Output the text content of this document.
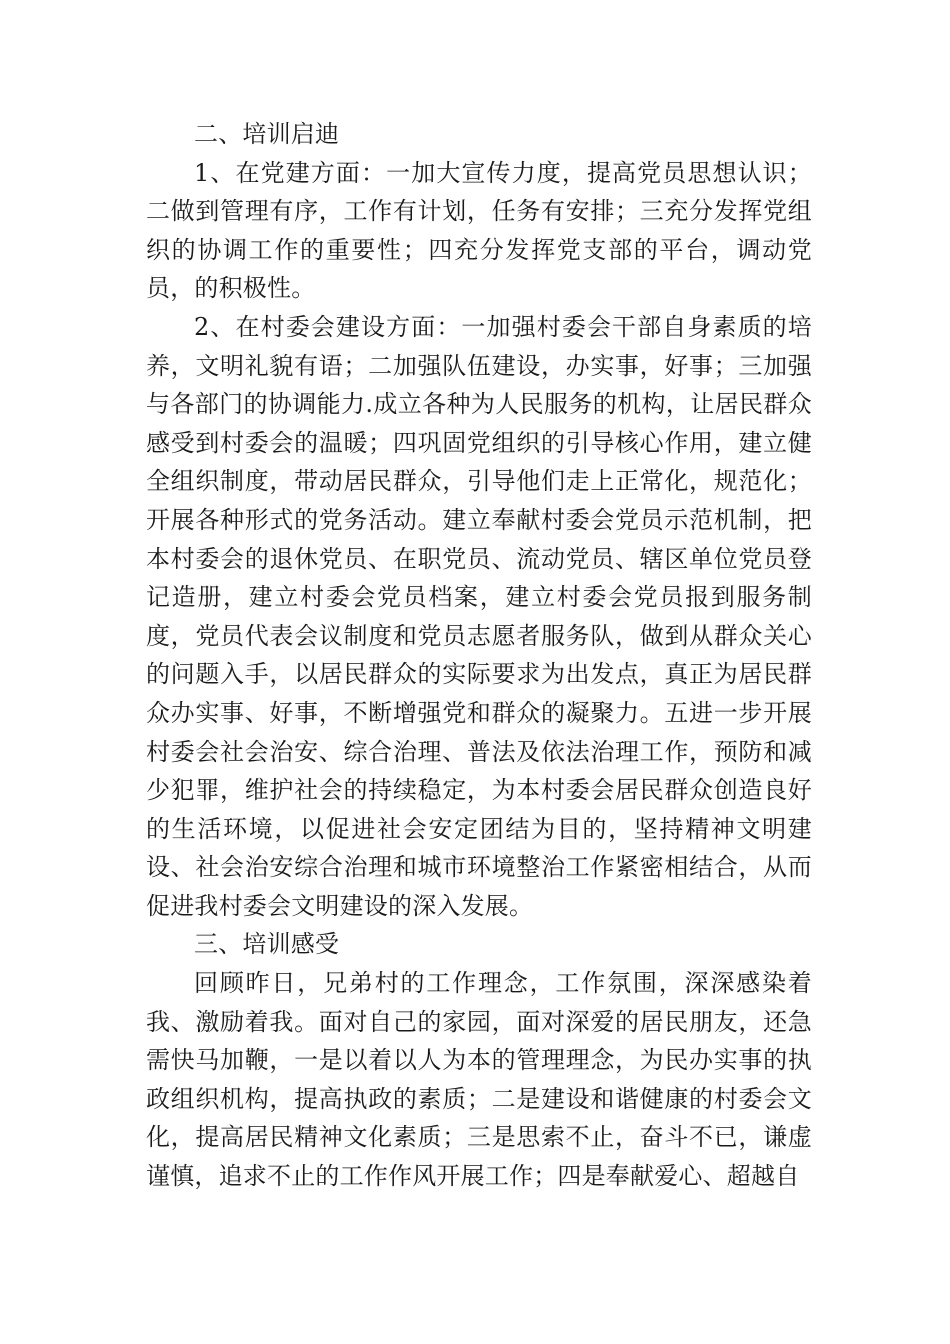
二、培训启迪

1、在党建方面：一加大宣传力度，提高党员思想认识；二做到管理有序，工作有计划，任务有安排；三充分发挥党组织的协调工作的重要性；四充分发挥党支部的平台，调动党员，的积极性。

2、在村委会建设方面：一加强村委会干部自身素质的培养，文明礼貌有语；二加强队伍建设，办实事，好事；三加强与各部门的协调能力.成立各种为人民服务的机构，让居民群众感受到村委会的温暖；四巩固党组织的引导核心作用，建立健全组织制度，带动居民群众，引导他们走上正常化，规范化；开展各种形式的党务活动。建立奉献村委会党员示范机制，把本村委会的退休党员、在职党员、流动党员、辖区单位党员登记造册，建立村委会党员档案，建立村委会党员报到服务制度，党员代表会议制度和党员志愿者服务队，做到从群众关心的问题入手，以居民群众的实际要求为出发点，真正为居民群众办实事、好事，不断增强党和群众的凝聚力。五进一步开展村委会社会治安、综合治理、普法及依法治理工作，预防和减少犯罪，维护社会的持续稳定，为本村委会居民群众创造良好的生活环境，以促进社会安定团结为目的，坚持精神文明建设、社会治安综合治理和城市环境整治工作紧密相结合，从而促进我村委会文明建设的深入发展。

三、培训感受

回顾昨日，兄弟村的工作理念，工作氛围，深深感染着我、激励着我。面对自己的家园，面对深爱的居民朋友，还急需快马加鞭，一是以着以人为本的管理理念，为民办实事的执政组织机构，提高执政的素质；二是建设和谐健康的村委会文化，提高居民精神文化素质；三是思索不止，奋斗不已，谦虚谨慎，追求不止的工作作风开展工作；四是奉献爱心、超越自
